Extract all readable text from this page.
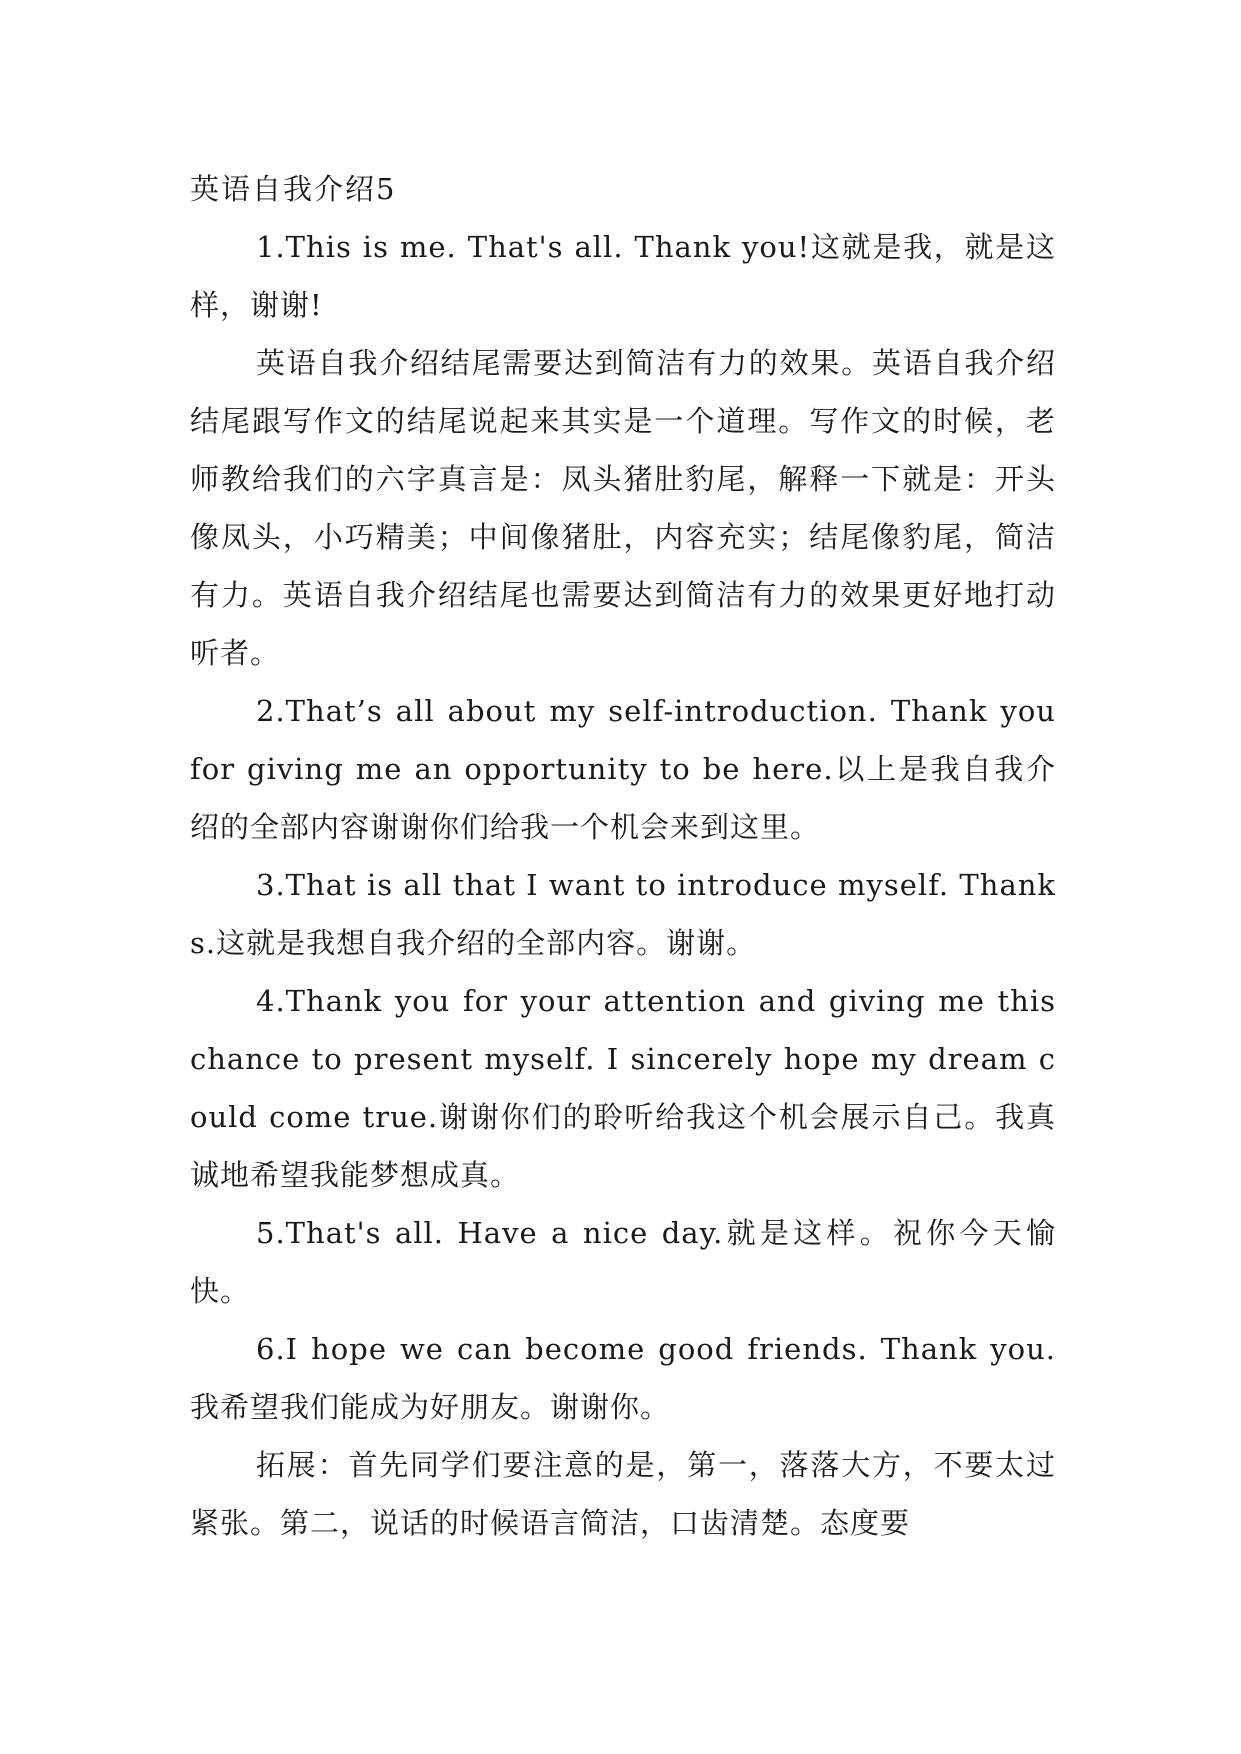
英语自我介绍5

1.This is me. That's all. Thank you!这就是我，就是这样，谢谢!

英语自我介绍结尾需要达到简洁有力的效果。英语自我介绍结尾跟写作文的结尾说起来其实是一个道理。写作文的时候，老师教给我们的六字真言是：凤头猪肚豹尾，解释一下就是：开头像凤头，小巧精美；中间像猪肚，内容充实；结尾像豹尾，简洁有力。英语自我介绍结尾也需要达到简洁有力的效果更好地打动听者。

2.That’s all about my self-introduction. Thank you for giving me an opportunity to be here.以上是我自我介绍的全部内容谢谢你们给我一个机会来到这里。

3.That is all that I want to introduce myself. Thanks.这就是我想自我介绍的全部内容。谢谢。

4.Thank you for your attention and giving me this chance to present myself. I sincerely hope my dream could come true.谢谢你们的聆听给我这个机会展示自己。我真诚地希望我能梦想成真。

5.That's all. Have a nice day.就是这样。祝你今天愉快。

6.I hope we can become good friends. Thank you.我希望我们能成为好朋友。谢谢你。

拓展：首先同学们要注意的是，第一，落落大方，不要太过紧张。第二，说话的时候语言简洁，口齿清楚。态度要
